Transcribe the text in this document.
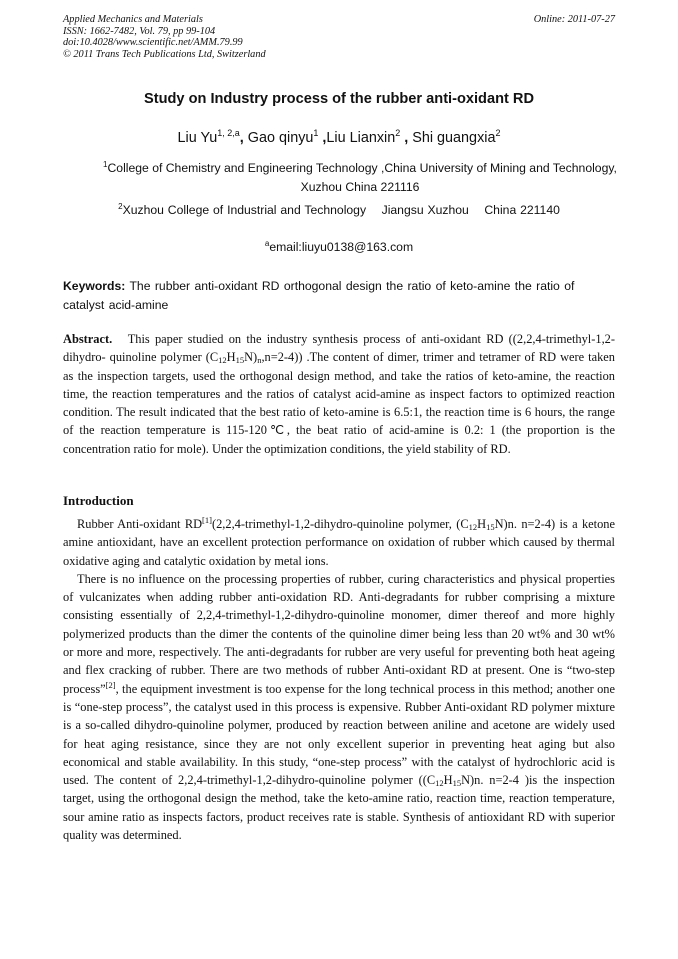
Applied Mechanics and Materials
ISSN: 1662-7482, Vol. 79, pp 99-104
doi:10.4028/www.scientific.net/AMM.79.99
© 2011 Trans Tech Publications Ltd, Switzerland
Online: 2011-07-27
Study on Industry process of the rubber anti-oxidant RD
Liu Yu$^{1, 2,a}$, Gao qinyu$^1$ ,Liu Lianxin$^2$ , Shi guangxia$^2$
$^1$College of Chemistry and Engineering Technology ,China University of Mining and Technology, Xuzhou China 221116
$^2$Xuzhou College of Industrial and Technology    Jiangsu Xuzhou    China 221140
$^a$email:liuyu0138@163.com
Keywords: The rubber anti-oxidant RD orthogonal design the ratio of keto-amine the ratio of catalyst acid-amine
Abstract. This paper studied on the industry synthesis process of anti-oxidant RD ((2,2,4-trimethyl-1,2-dihydro- quinoline polymer $(C_{12}H_{15}N)_n,n=2-4$)) .The content of dimer, trimer and tetramer of RD were taken as the inspection targets, used the orthogonal design method, and take the ratios of keto-amine, the reaction time, the reaction temperatures and the ratios of catalyst acid-amine as inspect factors to optimized reaction condition. The result indicated that the best ratio of keto-amine is 6.5:1, the reaction time is 6 hours, the range of the reaction temperature is 115-120℃, the beat ratio of acid-amine is 0.2: 1 (the proportion is the concentration ratio for mole). Under the optimization conditions, the yield stability of RD.
Introduction

Rubber Anti-oxidant RD[1](2,2,4-trimethyl-1,2-dihydro-quinoline polymer, $(C_{12}H_{15}N)n$. n=2-4) is a ketone amine antioxidant, have an excellent protection performance on oxidation of rubber which caused by thermal oxidative aging and catalytic oxidation by metal ions.

There is no influence on the processing properties of rubber, curing characteristics and physical properties of vulcanizates when adding rubber anti-oxidation RD. Anti-degradants for rubber comprising a mixture consisting essentially of 2,2,4-trimethyl-1,2-dihydro-quinoline monomer, dimer thereof and more highly polymerized products than the dimer the contents of the quinoline dimer being less than 20 wt% and 30 wt% or more and more, respectively. The anti-degradants for rubber are very useful for preventing both heat ageing and flex cracking of rubber. There are two methods of rubber Anti-oxidant RD at present. One is “two-step process”[2], the equipment investment is too expense for the long technical process in this method; another one is “one-step process”, the catalyst used in this process is expensive. Rubber Anti-oxidant RD polymer mixture is a so-called dihydro-quinoline polymer, produced by reaction between aniline and acetone are widely used for heat aging resistance, since they are not only excellent superior in preventing heat aging but also economical and stable availability. In this study, “one-step process” with the catalyst of hydrochloric acid is used. The content of 2,2,4-trimethyl-1,2-dihydro-quinoline polymer ($(C_{12}H_{15}N)n$. n=2-4 )is the inspection target, using the orthogonal design the method, take the keto-amine ratio, reaction time, reaction temperature, sour amine ratio as inspects factors, product receives rate is stable. Synthesis of antioxidant RD with superior quality was determined.
